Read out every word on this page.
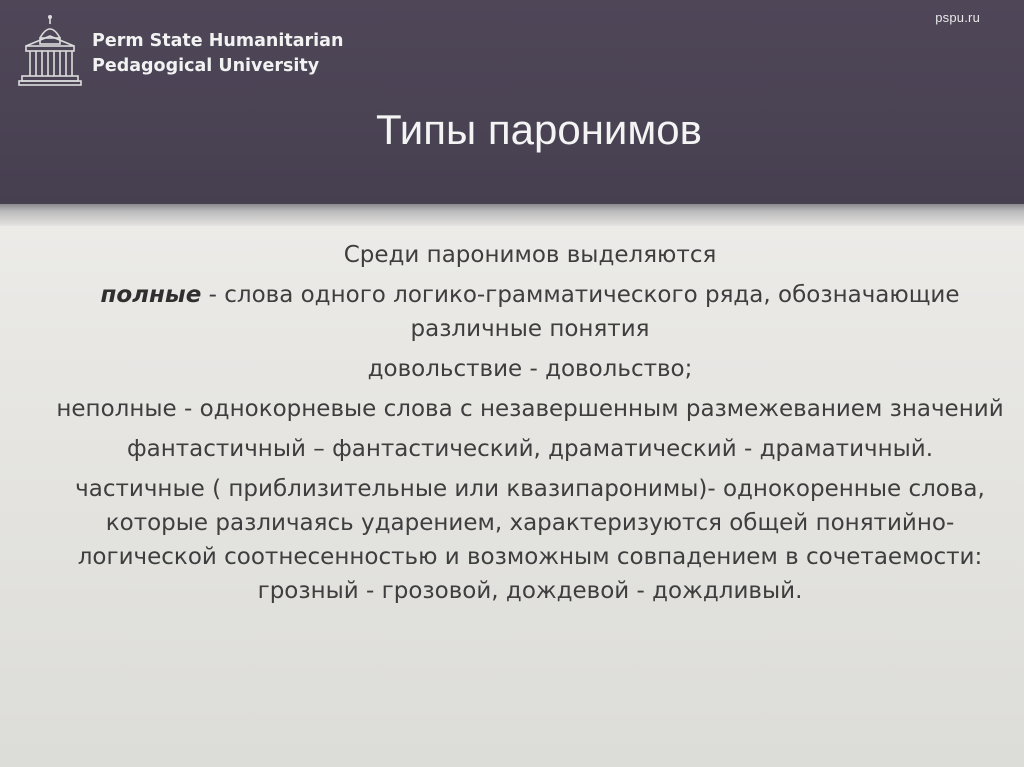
Perm State Humanitarian
Pedagogical University
pspu.ru
Типы паронимов

Среди паронимов выделяются

полные - слова одного логико-грамматического ряда, обозначающие различные понятия

довольствие - довольство;

неполные - однокорневые слова с незавершенным размежеванием значений

фантастичный – фантастический, драматический - драматичный.

частичные ( приблизительные или квазипаронимы)- однокоренные слова, которые различаясь ударением, характеризуются общей понятийно-логической соотнесенностью и возможным совпадением в сочетаемости: грозный - грозовой, дождевой - дождливый.
